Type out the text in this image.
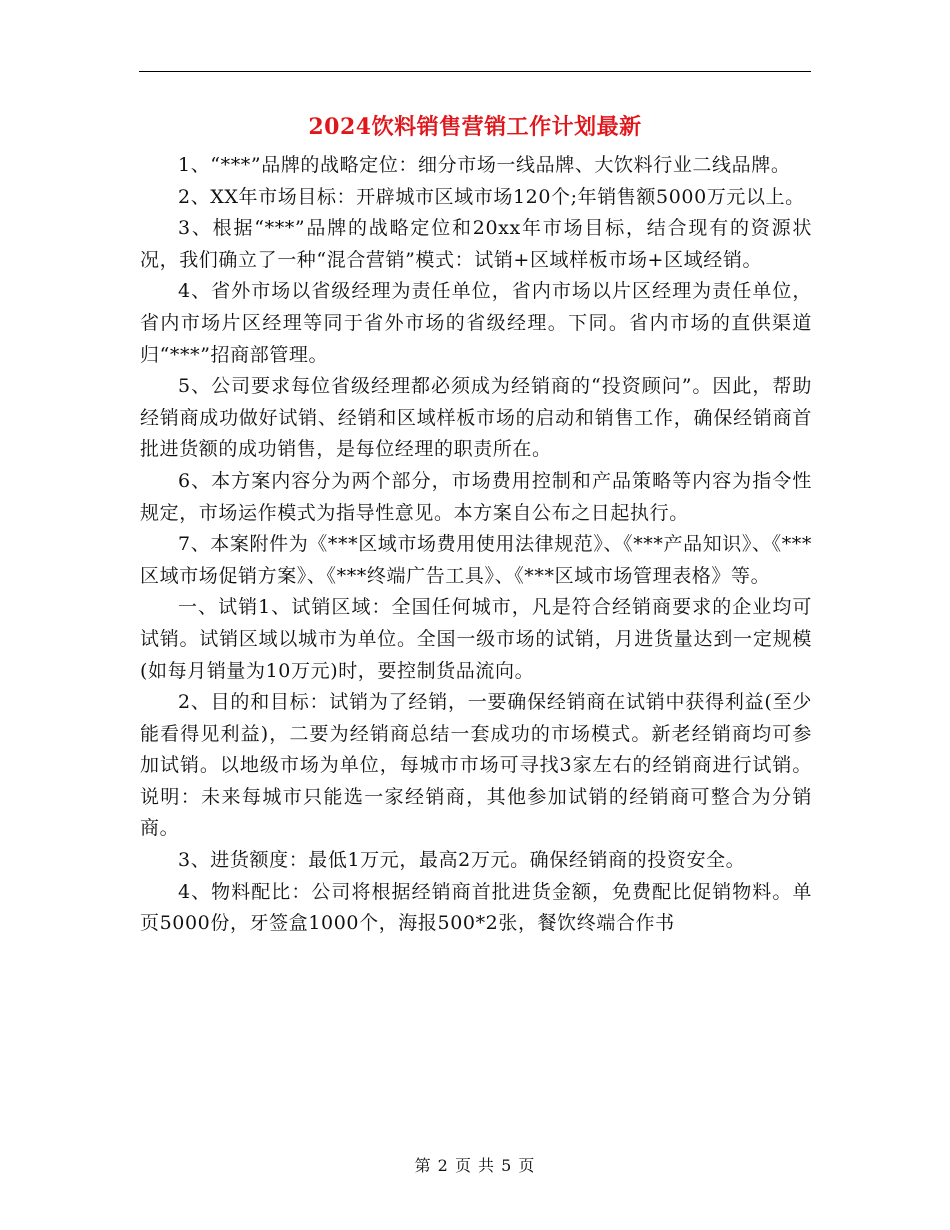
2024饮料销售营销工作计划最新

1、“***”品牌的战略定位：细分市场一线品牌、大饮料行业二线品牌。

2、XX年市场目标：开辟城市区域市场120个;年销售额5000万元以上。

3、根据“***”品牌的战略定位和20xx年市场目标，结合现有的资源状况，我们确立了一种“混合营销”模式：试销+区域样板市场+区域经销。

4、省外市场以省级经理为责任单位，省内市场以片区经理为责任单位，省内市场片区经理等同于省外市场的省级经理。下同。省内市场的直供渠道归“***”招商部管理。

5、公司要求每位省级经理都必须成为经销商的“投资顾问”。因此，帮助经销商成功做好试销、经销和区域样板市场的启动和销售工作，确保经销商首批进货额的成功销售，是每位经理的职责所在。

6、本方案内容分为两个部分，市场费用控制和产品策略等内容为指令性规定，市场运作模式为指导性意见。本方案自公布之日起执行。

7、本案附件为《***区域市场费用使用法律规范》、《***产品知识》、《***区域市场促销方案》、《***终端广告工具》、《***区域市场管理表格》等。

一、试销1、试销区域：全国任何城市，凡是符合经销商要求的企业均可试销。试销区域以城市为单位。全国一级市场的试销，月进货量达到一定规模(如每月销量为10万元)时，要控制货品流向。

2、目的和目标：试销为了经销，一要确保经销商在试销中获得利益(至少能看得见利益)，二要为经销商总结一套成功的市场模式。新老经销商均可参加试销。以地级市场为单位，每城市市场可寻找3家左右的经销商进行试销。说明：未来每城市只能选一家经销商，其他参加试销的经销商可整合为分销商。

3、进货额度：最低1万元，最高2万元。确保经销商的投资安全。

4、物料配比：公司将根据经销商首批进货金额，免费配比促销物料。单页5000份，牙签盒1000个，海报500*2张，餐饮终端合作书

第 2 页 共 5 页
